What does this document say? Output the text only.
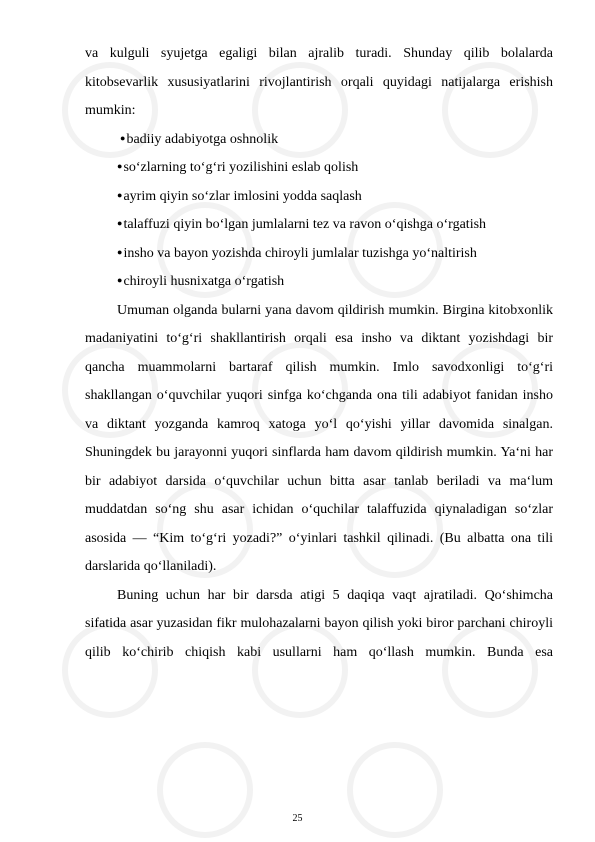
va kulguli syujetga egaligi bilan ajralib turadi. Shunday qilib bolalarda
kitobsevarlik xususiyatlarini rivojlantirish orqali quyidagi natijalarga erishish
mumkin:

●badiiy adabiyotga oshnolik
●so‘zlarning to‘g‘ri yozilishini eslab qolish
●ayrim qiyin so‘zlar imlosini yodda saqlash
●talaffuzi qiyin bo‘lgan jumlalarni tez va ravon o‘qishga o‘rgatish
●insho va bayon yozishda chiroyli jumlalar tuzishga yo‘naltirish
●chiroyli husnixatga o‘rgatish

Umuman olganda bularni yana davom qildirish mumkin. Birgina kitobxonlik
madaniyatini to‘g‘ri shakllantirish orqali esa insho va diktant yozishdagi bir
qancha muammolarni bartaraf qilish mumkin. Imlo savodxonligi to‘g‘ri
shakllangan o‘quvchilar yuqori sinfga ko‘chganda ona tili adabiyot fanidan insho
va diktant yozganda kamroq xatoga yo‘l qo‘yishi yillar davomida sinalgan.
Shuningdek bu jarayonni yuqori sinflarda ham davom qildirish mumkin. Ya‘ni har
bir adabiyot darsida o‘quvchilar uchun bitta asar tanlab beriladi va ma‘lum
muddatdan so‘ng shu asar ichidan o‘quchilar talaffuzida qiynaladigan so‘zlar
asosida — “Kim to‘g‘ri yozadi?” o‘yinlari tashkil qilinadi. (Bu albatta ona tili
darslarida qo‘llaniladi).

Buning uchun har bir darsda atigi 5 daqiqa vaqt ajratiladi. Qo‘shimcha
sifatida asar yuzasidan fikr mulohazalarni bayon qilish yoki biror parchani chiroyli
qilib ko‘chirib chiqish kabi usullarni ham qo‘llash mumkin. Bunda esa

25
